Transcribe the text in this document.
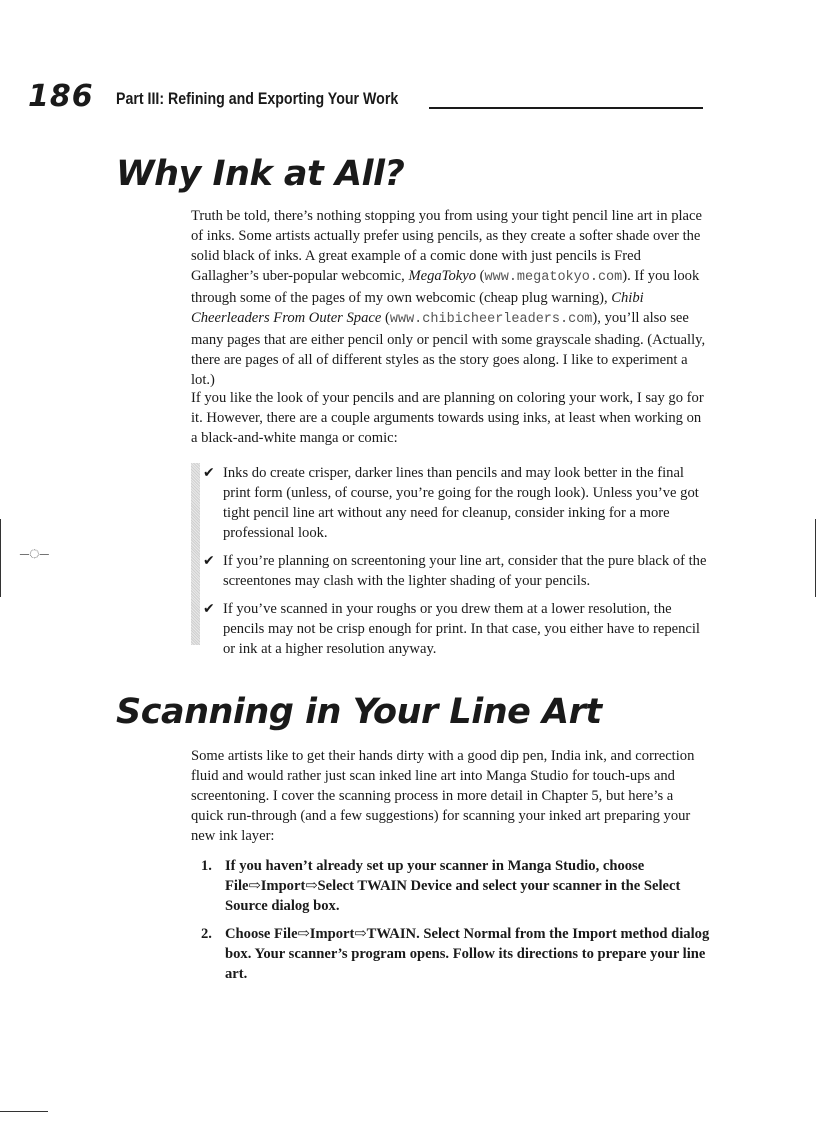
186 Part III: Refining and Exporting Your Work
Why Ink at All?

Truth be told, there’s nothing stopping you from using your tight pencil line art in place of inks. Some artists actually prefer using pencils, as they create a softer shade over the solid black of inks. A great example of a comic done with just pencils is Fred Gallagher’s uber-popular webcomic, MegaTokyo (www.megatokyo.com). If you look through some of the pages of my own webcomic (cheap plug warning), Chibi Cheerleaders From Outer Space (www.chibicheerleaders.com), you’ll also see many pages that are either pencil only or pencil with some grayscale shading. (Actually, there are pages of all of different styles as the story goes along. I like to experiment a lot.)

If you like the look of your pencils and are planning on coloring your work, I say go for it. However, there are a couple arguments towards using inks, at least when working on a black-and-white manga or comic:

✔ Inks do create crisper, darker lines than pencils and may look better in the final print form (unless, of course, you’re going for the rough look). Unless you’ve got tight pencil line art without any need for cleanup, consider inking for a more professional look.
✔ If you’re planning on screentoning your line art, consider that the pure black of the screentones may clash with the lighter shading of your pencils.
✔ If you’ve scanned in your roughs or you drew them at a lower resolution, the pencils may not be crisp enough for print. In that case, you either have to repencil or ink at a higher resolution anyway.
Scanning in Your Line Art

Some artists like to get their hands dirty with a good dip pen, India ink, and correction fluid and would rather just scan inked line art into Manga Studio for touch-ups and screentoning. I cover the scanning process in more detail in Chapter 5, but here’s a quick run-through (and a few suggestions) for scanning your inked art preparing your new ink layer:

1. If you haven’t already set up your scanner in Manga Studio, choose File⇨Import⇨Select TWAIN Device and select your scanner in the Select Source dialog box.
2. Choose File⇨Import⇨TWAIN. Select Normal from the Import method dialog box. Your scanner’s program opens. Follow its directions to prepare your line art.
–◌–
